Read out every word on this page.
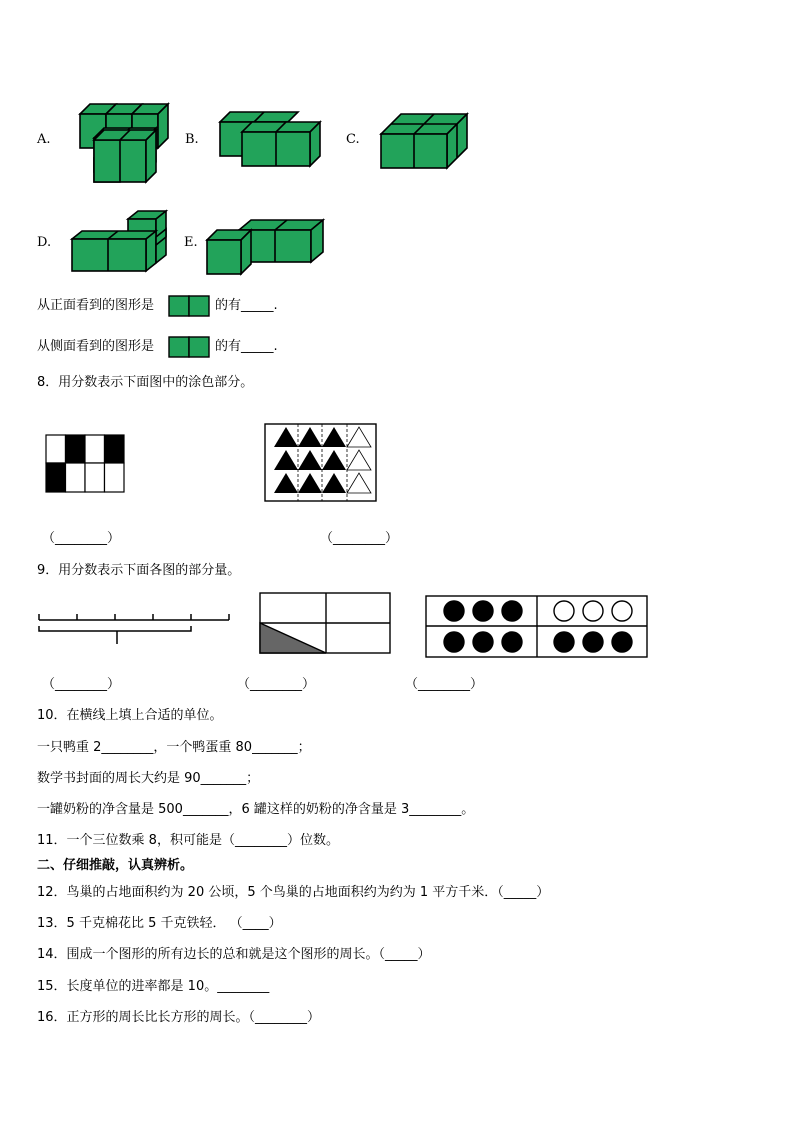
A.	B.	C.
D.	E.
从正面看到的图形是	的有_____.
从侧面看到的图形是	的有_____.
8．用分数表示下面图中的涂色部分。
（________）	（________）
9．用分数表示下面各图的部分量。
（________）	（________）	（________）
10．在横线上填上合适的单位。
一只鸭重 2________，一个鸭蛋重 80_______；
数学书封面的周长大约是 90_______；
一罐奶粉的净含量是 500_______，6 罐这样的奶粉的净含量是 3________。
11．一个三位数乘 8，积可能是（________）位数。
二、仔细推敲，认真辨析。
12．鸟巢的占地面积约为 20 公顷，5 个鸟巢的占地面积约为约为 1 平方千米．（_____）
13．5 千克棉花比 5 千克铁轻． （____）
14．围成一个图形的所有边长的总和就是这个图形的周长。（_____）
15．长度单位的进率都是 10。________
16．正方形的周长比长方形的周长。（________）
